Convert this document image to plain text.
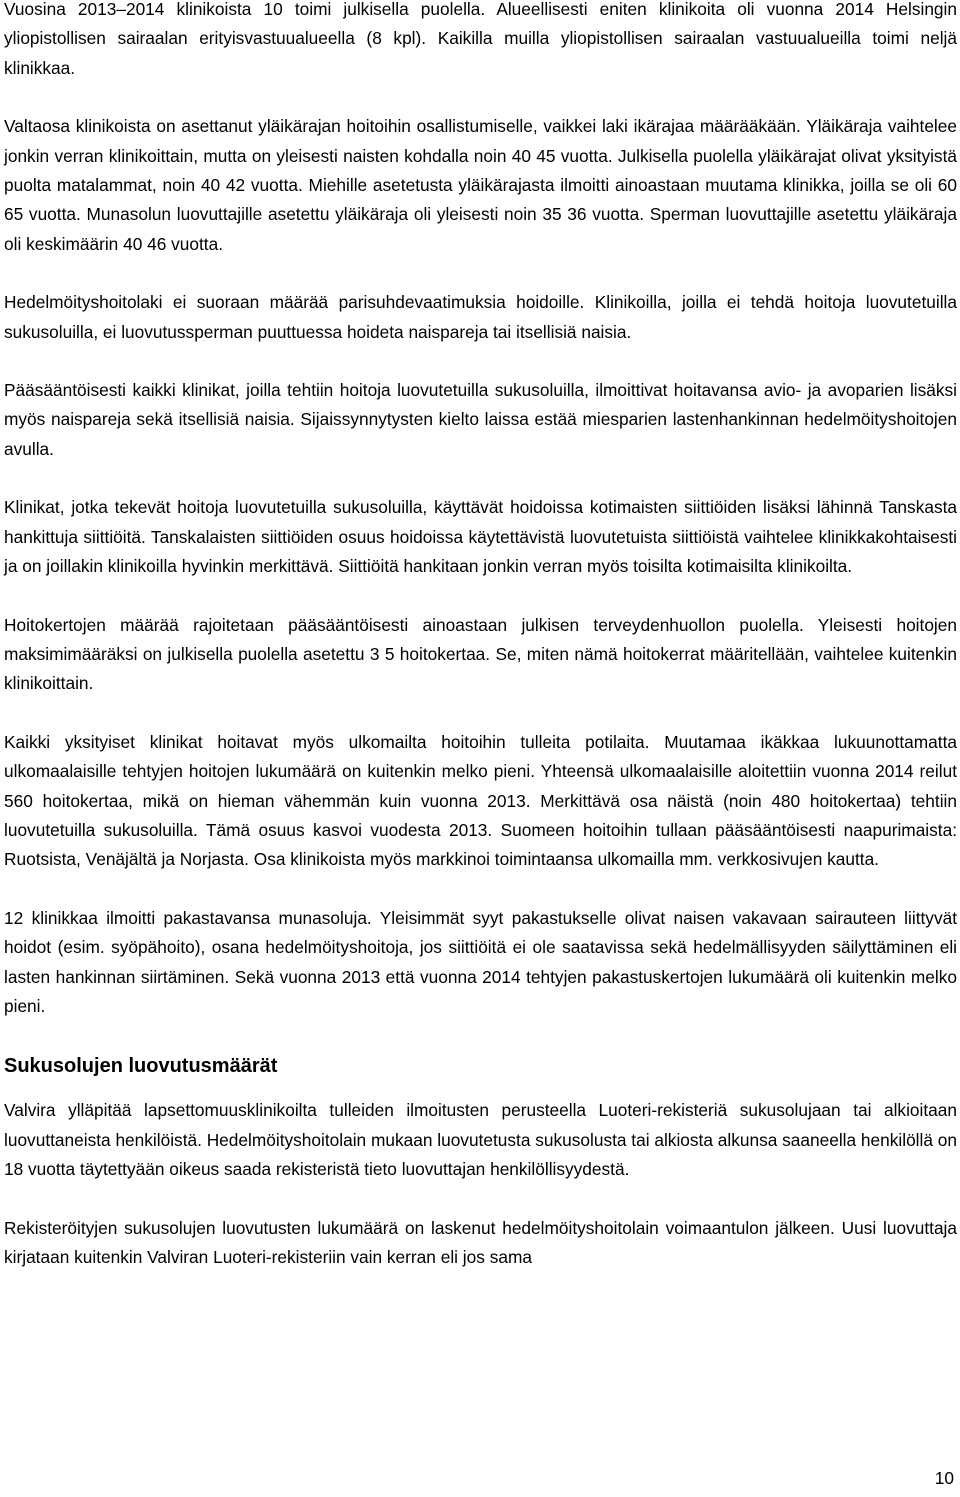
Vuosina 2013–2014 klinikoista 10 toimi julkisella puolella. Alueellisesti eniten klinikoita oli vuonna 2014 Helsingin yliopistollisen sairaalan erityisvastuualueella (8 kpl). Kaikilla muilla yliopistollisen sairaalan vastuualueilla toimi neljä klinikkaa.

Valtaosa klinikoista on asettanut yläikärajan hoitoihin osallistumiselle, vaikkei laki ikärajaa määrääkään. Yläikäraja vaihtelee jonkin verran klinikoittain, mutta on yleisesti naisten kohdalla noin 40 45 vuotta. Julkisella puolella yläikärajat olivat yksityistä puolta matalammat, noin 40 42 vuotta. Miehille asetetusta yläikärajasta ilmoitti ainoastaan muutama klinikka, joilla se oli 60 65 vuotta. Munasolun luovuttajille asetettu yläikäraja oli yleisesti noin 35 36 vuotta. Sperman luovuttajille asetettu yläikäraja oli keskimäärin 40 46 vuotta.

Hedelmöityshoitolaki ei suoraan määrää parisuhdevaatimuksia hoidoille. Klinikoilla, joilla ei tehdä hoitoja luovutetuilla sukusoluilla, ei luovutussperman puuttuessa hoideta naispareja tai itsellisiä naisia.

Pääsääntöisesti kaikki klinikat, joilla tehtiin hoitoja luovutetuilla sukusoluilla, ilmoittivat hoitavansa avio- ja avoparien lisäksi myös naispareja sekä itsellisiä naisia. Sijaissynnytysten kielto laissa estää miesparien lastenhankinnan hedelmöityshoitojen avulla.

Klinikat, jotka tekevät hoitoja luovutetuilla sukusoluilla, käyttävät hoidoissa kotimaisten siittiöiden lisäksi lähinnä Tanskasta hankittuja siittiöitä. Tanskalaisten siittiöiden osuus hoidoissa käytettävistä luovutetuista siittiöistä vaihtelee klinikkakohtaisesti ja on joillakin klinikoilla hyvinkin merkittävä. Siittiöitä hankitaan jonkin verran myös toisilta kotimaisilta klinikoilta.

Hoitokertojen määrää rajoitetaan pääsääntöisesti ainoastaan julkisen terveydenhuollon puolella. Yleisesti hoitojen maksimimääräksi on julkisella puolella asetettu 3 5 hoitokertaa. Se, miten nämä hoitokerrat määritellään, vaihtelee kuitenkin klinikoittain.

Kaikki yksityiset klinikat hoitavat myös ulkomailta hoitoihin tulleita potilaita. Muutamaa ikäkkaa lukuunottamatta ulkomaalaisille tehtyjen hoitojen lukumäärä on kuitenkin melko pieni. Yhteensä ulkomaalaisille aloitettiin vuonna 2014 reilut 560 hoitokertaa, mikä on hieman vähemmän kuin vuonna 2013. Merkittävä osa näistä (noin 480 hoitokertaa) tehtiin luovutetuilla sukusoluilla. Tämä osuus kasvoi vuodesta 2013. Suomeen hoitoihin tullaan pääsääntöisesti naapurimaista: Ruotsista, Venäjältä ja Norjasta. Osa klinikoista myös markkinoi toimintaansa ulkomailla mm. verkkosivujen kautta.

12 klinikkaa ilmoitti pakastavansa munasoluja. Yleisimmät syyt pakastukselle olivat naisen vakavaan sairauteen liittyvät hoidot (esim. syöpähoito), osana hedelmöityshoitoja, jos siittiöitä ei ole saatavissa sekä hedelmällisyyden säilyttäminen eli lasten hankinnan siirtäminen. Sekä vuonna 2013 että vuonna 2014 tehtyjen pakastuskertojen lukumäärä oli kuitenkin melko pieni.

Sukusolujen luovutusmäärät

Valvira ylläpitää lapsettomuusklinikoilta tulleiden ilmoitusten perusteella Luoteri-rekisteriä sukusolujaan tai alkioitaan luovuttaneista henkilöistä. Hedelmöityshoitolain mukaan luovutetusta sukusolusta tai alkiosta alkunsa saaneella henkilöllä on 18 vuotta täytettyään oikeus saada rekisteristä tieto luovuttajan henkilöllisyydestä.

Rekisteröityjen sukusolujen luovutusten lukumäärä on laskenut hedelmöityshoitolain voimaantulon jälkeen. Uusi luovuttaja kirjataan kuitenkin Valviran Luoteri-rekisteriin vain kerran eli jos sama

10
